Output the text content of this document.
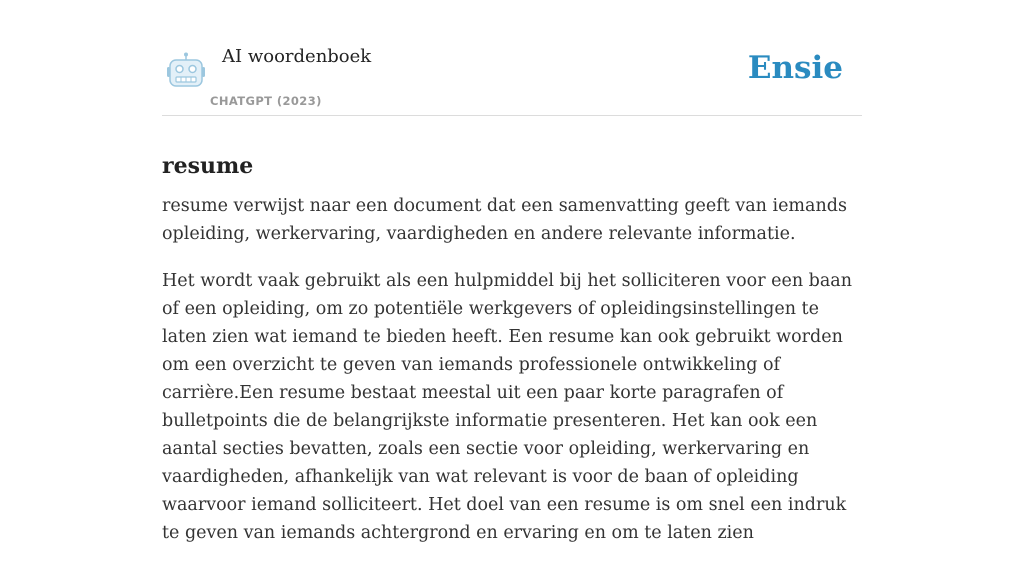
AI woordenboek
CHATGPT (2023)
Ensie
resume

resume verwijst naar een document dat een samenvatting geeft van iemands opleiding, werkervaring, vaardigheden en andere relevante informatie.

Het wordt vaak gebruikt als een hulpmiddel bij het solliciteren voor een baan of een opleiding, om zo potentiële werkgevers of opleidingsinstellingen te laten zien wat iemand te bieden heeft. Een resume kan ook gebruikt worden om een overzicht te geven van iemands professionele ontwikkeling of carrière.Een resume bestaat meestal uit een paar korte paragrafen of bulletpoints die de belangrijkste informatie presenteren. Het kan ook een aantal secties bevatten, zoals een sectie voor opleiding, werkervaring en vaardigheden, afhankelijk van wat relevant is voor de baan of opleiding waarvoor iemand solliciteert. Het doel van een resume is om snel een indruk te geven van iemands achtergrond en ervaring en om te laten zien
